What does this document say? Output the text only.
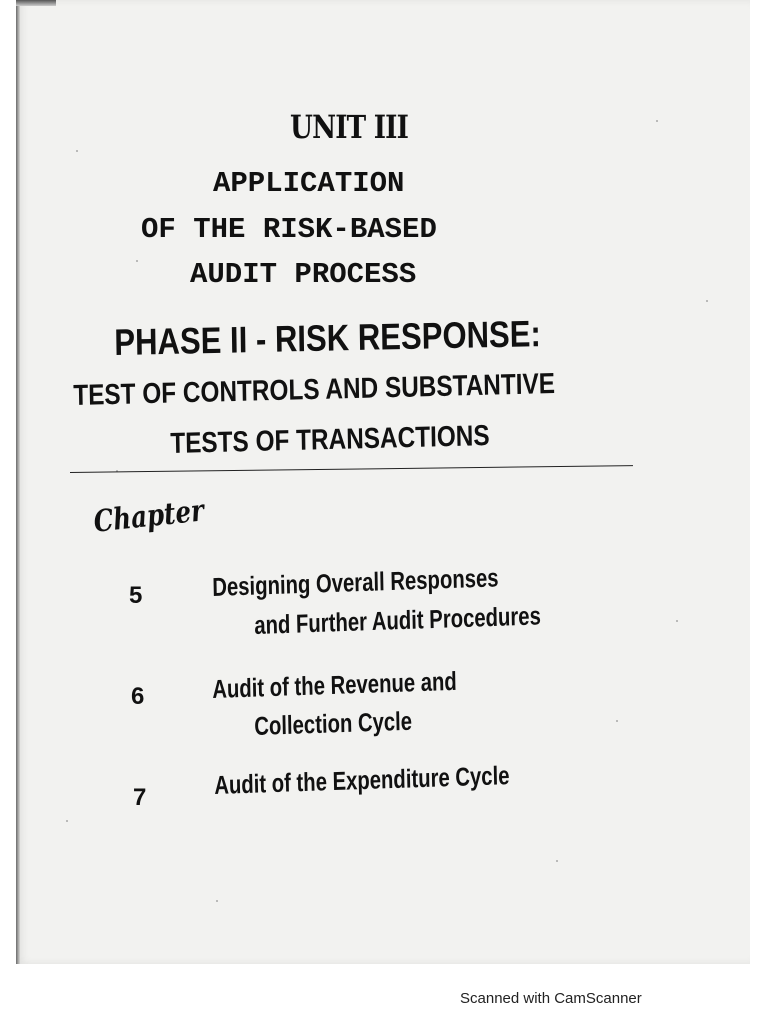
UNIT III
APPLICATION
OF THE RISK-BASED
AUDIT PROCESS
PHASE II - RISK RESPONSE:
TEST OF CONTROLS AND SUBSTANTIVE
TESTS OF TRANSACTIONS
Chapter
5	Designing Overall Responses
and Further Audit Procedures
6	Audit of the Revenue and
Collection Cycle
7	Audit of the Expenditure Cycle
Scanned with CamScanner
